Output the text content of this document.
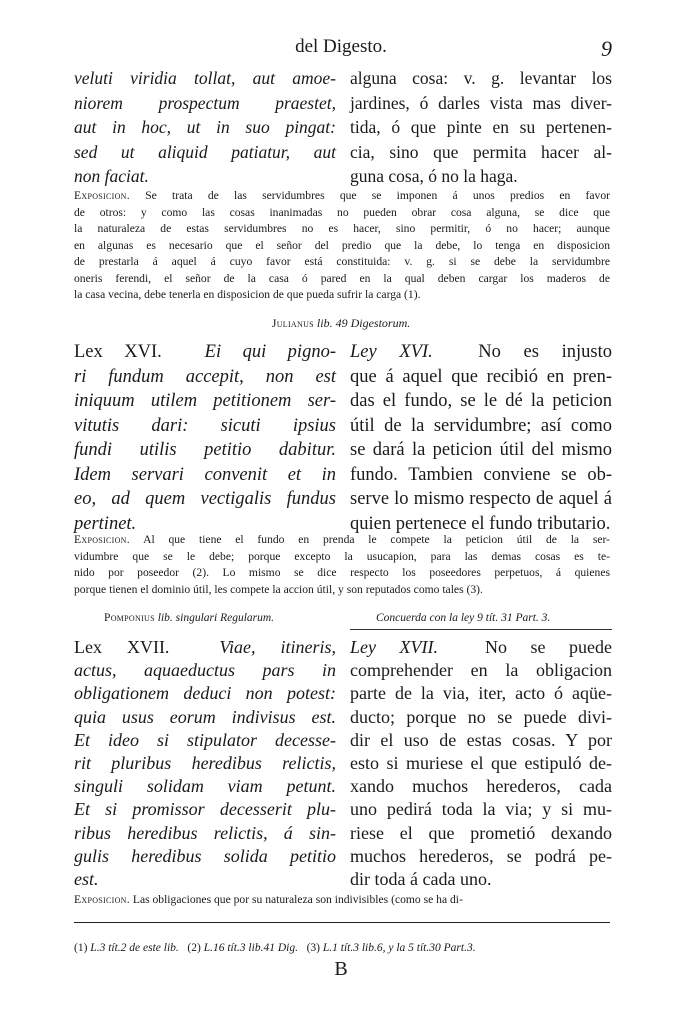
del Digesto.	9
veluti viridia tollat, aut amoe-
niorem prospectum praestet,
aut in hoc, ut in suo pingat:
sed ut aliquid patiatur, aut
non faciat.
alguna cosa: v. g. levantar los
jardines, ó darles vista mas diver-
tida, ó que pinte en su pertenen-
cia, sino que permita hacer al-
guna cosa, ó no la haga.
Exposicion. Se trata de las servidumbres que se imponen á unos predios en favor
de otros: y como las cosas inanimadas no pueden obrar cosa alguna, se dice que
la naturaleza de estas servidumbres no es hacer, sino permitir, ó no hacer; aunque
en algunas es necesario que el señor del predio que la debe, lo tenga en disposicion
de prestarla á aquel á cuyo favor está constituida: v. g. si se debe la servidumbre
oneris ferendi, el señor de la casa ó pared en la qual deben cargar los maderos de
la casa vecina, debe tenerla en disposicion de que pueda sufrir la carga (1).
Julianus lib. 49 Digestorum.
Lex XVI. Ei qui pigno-
ri fundum accepit, non est
iniquum utilem petitionem ser-
vitutis dari: sicuti ipsius
fundi utilis petitio dabitur.
Idem servari convenit et in
eo, ad quem vectigalis fundus
pertinet.
Ley XVI. No es injusto
que á aquel que recibió en pren-
das el fundo, se le dé la peticion
útil de la servidumbre; así como
se dará la peticion útil del mismo
fundo. Tambien conviene se ob-
serve lo mismo respecto de aquel á
quien pertenece el fundo tributario.
Exposicion. Al que tiene el fundo en prenda le compete la peticion útil de la ser-
vidumbre que se le debe; porque excepto la usucapion, para las demas cosas es te-
nido por poseedor (2). Lo mismo se dice respecto los poseedores perpetuos, á quienes
porque tienen el dominio útil, les compete la accion útil, y son reputados como tales (3).
Pomponius lib. singulari Regularum.	Concuerda con la ley 9 tít. 31 Part. 3.
Lex XVII.	Viae, itineris,
actus, aquaeductus pars in
obligationem deduci non potest:
quia usus eorum indivisus est.
Et ideo si stipulator decesse-
rit pluribus heredibus relictis,
singuli solidam viam petunt.
Et si promissor decesserit plu-
ribus heredibus relictis, á sin-
gulis heredibus solida petitio
est.
Ley XVII.	No se puede
comprehender en la obligacion
parte de la via, iter, acto ó aqüe-
ducto; porque no se puede divi-
dir el uso de estas cosas. Y por
esto si muriese el que estipuló de-
xando muchos herederos, cada
uno pedirá toda la via; y si mu-
riese el que prometió dexando
muchos herederos, se podrá pe-
dir toda á cada uno.
Exposicion. Las obligaciones que por su naturaleza son indivisibles (como se ha di-
(1) L.3 tít.2 de este lib. (2) L.16 tít.3 lib.41 Dig. (3) L.1 tít.3 lib.6, y la 5 tít.30 Part.3.
B
